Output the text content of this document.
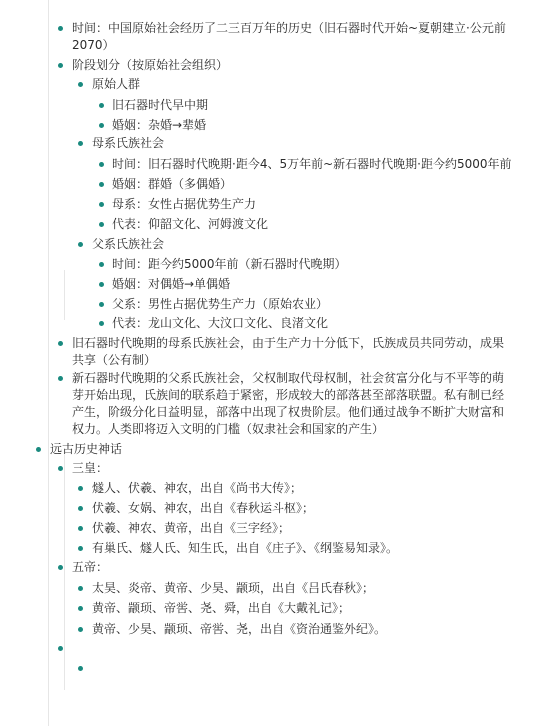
时间：中国原始社会经历了二三百万年的历史（旧石器时代开始~夏朝建立·公元前
2070）
阶段划分（按原始社会组织）
原始人群
旧石器时代早中期
婚姻：杂婚→辈婚
母系氏族社会
时间：旧石器时代晚期·距今4、5万年前~新石器时代晚期·距今约5000年前
婚姻：群婚（多偶婚）
母系：女性占据优势生产力
代表：仰韶文化、河姆渡文化
父系氏族社会
时间：距今约5000年前（新石器时代晚期）
婚姻：对偶婚→单偶婚
父系：男性占据优势生产力（原始农业）
代表：龙山文化、大汶口文化、良渚文化
旧石器时代晚期的母系氏族社会，由于生产力十分低下，氏族成员共同劳动，成果
共享（公有制）
新石器时代晚期的父系氏族社会，父权制取代母权制，社会贫富分化与不平等的萌
芽开始出现，氏族间的联系趋于紧密，形成较大的部落甚至部落联盟。私有制已经
产生，阶级分化日益明显，部落中出现了权贵阶层。他们通过战争不断扩大财富和
权力。人类即将迈入文明的门槛（奴隶社会和国家的产生）
远古历史神话
三皇：
燧人、伏羲、神农，出自《尚书大传》；
伏羲、女娲、神农，出自《春秋运斗枢》；
伏羲、神农、黄帝，出自《三字经》；
有巢氏、燧人氏、知生氏，出自《庄子》、《纲鉴易知录》。
五帝：
太昊、炎帝、黄帝、少昊、颛顼，出自《吕氏春秋》；
黄帝、颛顼、帝喾、尧、舜，出自《大戴礼记》；
黄帝、少昊、颛顼、帝喾、尧，出自《资治通鉴外纪》。
